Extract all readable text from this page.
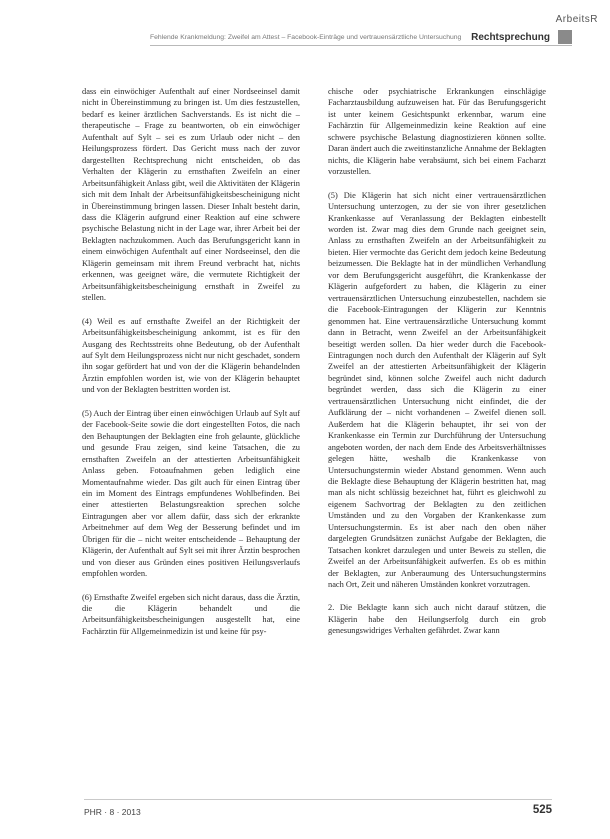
ArbeitsR
Fehlende Krankmeldung: Zweifel am Attest – Facebook-Einträge und vertrauensärztliche Untersuchung Rechtsprechung

dass ein einwöchiger Aufenthalt auf einer Nordseeinsel damit nicht in Übereinstimmung zu bringen ist. Um dies festzustellen, bedarf es keiner ärztlichen Sachverstands. Es ist nicht die – therapeutische – Frage zu beantworten, ob ein einwöchiger Aufenthalt auf Sylt – sei es zum Urlaub oder nicht – den Heilungsprozess fördert. Das Gericht muss nach der zuvor dargestellten Rechtsprechung nicht entscheiden, ob das Verhalten der Klägerin zu ernsthaften Zweifeln an einer Arbeitsunfähigkeit Anlass gibt, weil die Aktivitäten der Klägerin sich mit dem Inhalt der Arbeitsunfähigkeitsbescheinigung nicht in Übereinstimmung bringen lassen. Dieser Inhalt besteht darin, dass die Klägerin aufgrund einer Reaktion auf eine schwere psychische Belastung nicht in der Lage war, ihrer Arbeit bei der Beklagten nachzukommen. Auch das Berufungsgericht kann in einem einwöchigen Aufenthalt auf einer Nordseeinsel, den die Klägerin gemeinsam mit ihrem Freund verbracht hat, nichts erkennen, was geeignet wäre, die vermutete Richtigkeit der Arbeitsunfähigkeitsbescheinigung ernsthaft in Zweifel zu stellen.

(4) Weil es auf ernsthafte Zweifel an der Richtigkeit der Arbeitsunfähigkeitsbescheinigung ankommt, ist es für den Ausgang des Rechtsstreits ohne Bedeutung, ob der Aufenthalt auf Sylt dem Heilungsprozess nicht nur nicht geschadet, sondern ihn sogar gefördert hat und von der die Klägerin behandelnden Ärztin empfohlen worden ist, wie von der Klägerin behauptet und von der Beklagten bestritten worden ist.

(5) Auch der Eintrag über einen einwöchigen Urlaub auf Sylt auf der Facebook-Seite sowie die dort eingestellten Fotos, die nach den Behauptungen der Beklagten eine froh gelaunte, glückliche und gesunde Frau zeigen, sind keine Tatsachen, die zu ernsthaften Zweifeln an der attestierten Arbeitsunfähigkeit Anlass geben. Fotoaufnahmen geben lediglich eine Momentaufnahme wieder. Das gilt auch für einen Eintrag über ein im Moment des Eintrags empfundenes Wohlbefinden. Bei einer attestierten Belastungsreaktion sprechen solche Eintragungen aber vor allem dafür, dass sich der erkrankte Arbeitnehmer auf dem Weg der Besserung befindet und im Übrigen für die – nicht weiter entscheidende – Behauptung der Klägerin, der Aufenthalt auf Sylt sei mit ihrer Ärztin besprochen und von dieser aus Gründen eines positiven Heilungsverlaufs empfohlen worden.

(6) Ernsthafte Zweifel ergeben sich nicht daraus, dass die Ärztin, die die Klägerin behandelt und die Arbeitsunfähigkeitsbescheinigungen ausgestellt hat, eine Fachärztin für Allgemeinmedizin ist und keine für psy-

chische oder psychiatrische Erkrankungen einschlägige Facharztausbildung aufzuweisen hat. Für das Berufungsgericht ist unter keinem Gesichtspunkt erkennbar, warum eine Fachärztin für Allgemeinmedizin keine Reaktion auf eine schwere psychische Belastung diagnostizieren können sollte. Daran ändert auch die zweitinstanzliche Annahme der Beklagten nichts, die Klägerin habe verabsäumt, sich bei einem Facharzt vorzustellen.

(5) Die Klägerin hat sich nicht einer vertrauensärztlichen Untersuchung unterzogen, zu der sie von ihrer gesetzlichen Krankenkasse auf Veranlassung der Beklagten einbestellt worden ist. Zwar mag dies dem Grunde nach geeignet sein, Anlass zu ernsthaften Zweifeln an der Arbeitsunfähigkeit zu bieten. Hier vermochte das Gericht dem jedoch keine Bedeutung beizumessen. Die Beklagte hat in der mündlichen Verhandlung vor dem Berufungsgericht ausgeführt, die Krankenkasse der Klägerin aufgefordert zu haben, die Klägerin zu einer vertrauensärztlichen Untersuchung einzubestellen, nachdem sie die Facebook-Eintragungen der Klägerin zur Kenntnis genommen hat. Eine vertrauensärztliche Untersuchung kommt dann in Betracht, wenn Zweifel an der Arbeitsunfähigkeit beseitigt werden sollen. Da hier weder durch die Facebook-Eintragungen noch durch den Aufenthalt der Klägerin auf Sylt Zweifel an der attestierten Arbeitsunfähigkeit der Klägerin begründet sind, können solche Zweifel auch nicht dadurch begründet werden, dass sich die Klägerin zu einer vertrauensärztlichen Untersuchung nicht einfindet, die der Aufklärung der – nicht vorhandenen – Zweifel dienen soll. Außerdem hat die Klägerin behauptet, ihr sei von der Krankenkasse ein Termin zur Durchführung der Untersuchung angeboten worden, der nach dem Ende des Arbeitsverhältnisses gelegen hätte, weshalb die Krankenkasse von Untersuchungstermin wieder Abstand genommen. Wenn auch die Beklagte diese Behauptung der Klägerin bestritten hat, mag man als nicht schlüssig bezeichnet hat, führt es gleichwohl zu eigenem Sachvortrag der Beklagten zu den zeitlichen Umständen und zu den Vorgaben der Krankenkasse zum Untersuchungstermin. Es ist aber nach den oben näher dargelegten Grundsätzen zunächst Aufgabe der Beklagten, die Tatsachen konkret darzulegen und unter Beweis zu stellen, die Zweifel an der Arbeitsunfähigkeit aufwerfen. Es ob es mithin der Beklagten, zur Anberaumung des Untersuchungstermins nach Ort, Zeit und näheren Umständen konkret vorzutragen.

2. Die Beklagte kann sich auch nicht darauf stützen, die Klägerin habe den Heilungserfolg durch ein grob genesungswidriges Verhalten gefährdet. Zwar kann

PHR · 8 · 2013	525
